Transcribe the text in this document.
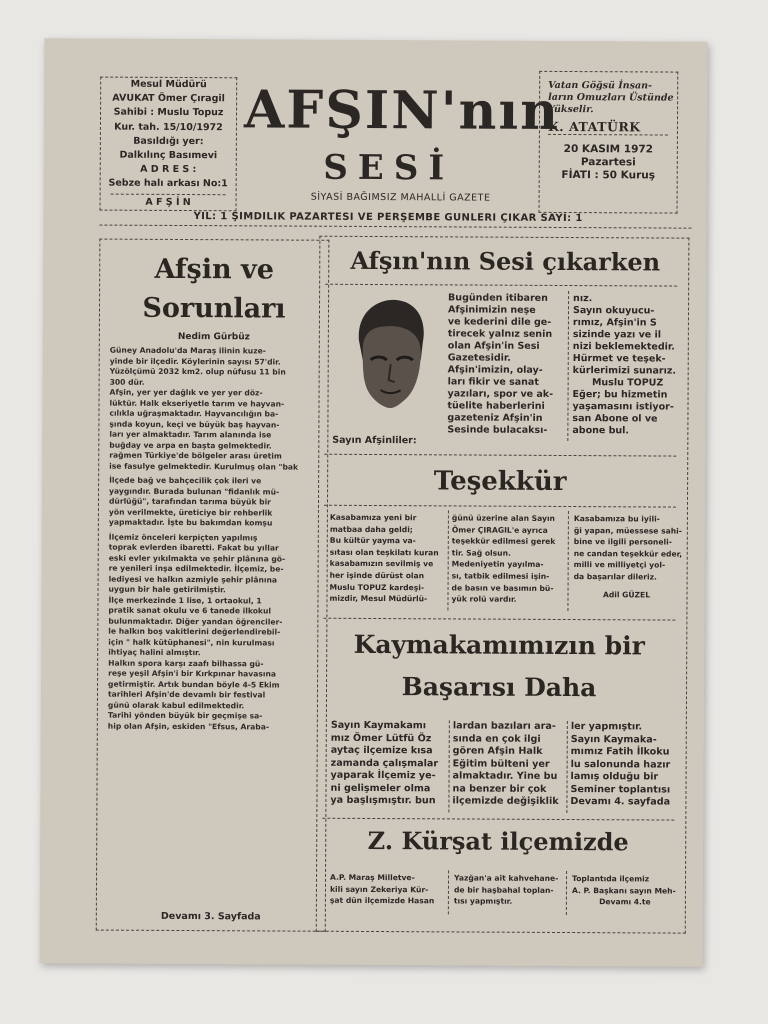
Mesul Müdürü
AVUKAT Ömer Çıragil
Sahibi : Muslu Topuz
Kur. tah. 15/10/1972
Basıldığı yer:
Dalkılınç Basımevi
A D R E S :
Sebze halı arkası No:1
A F Ş İ N
AFŞIN'nın
SESİ
SİYASİ BAĞIMSIZ MAHALLİ GAZETE
Vatan Göğsü İnsan-
ların Omuzları Üstünde
Yükselir.
K. ATATÜRK
20 KASIM 1972
Pazartesi
FİATI : 50 Kuruş
YIL: 1 ŞİMDİLİK PAZARTESİ VE PERŞEMBE GÜNLERİ ÇIKAR SAYI: 1
Afşin ve
Sorunları
Nedim Gürbüz
Güney Anadolu'da Maraş ilinin kuze-
yinde bir ilçedir. Köylerinin sayısı 57'dir.
Yüzölçümü 2032 km2. olup nüfusu 11 bin
300 dür.
Afşin, yer yer dağlık ve yer yer döz-
lüktür. Halk ekseriyetle tarım ve hayvan-
cılıkla uğraşmaktadır. Hayvancılığın ba-
şında koyun, keçi ve büyük baş hayvan-
ları yer almaktadır. Tarım alanında ise
buğday ve arpa en başta gelmektedir.
rağmen Türkiye'de bölgeler arası üretim
ise fasulye gelmektedir. Kurulmuş olan "bak
İlçede bağ ve bahçecilik çok ileri ve
yaygındır. Burada bulunan "fidanlık mü-
dürlüğü", tarafından tarıma büyük bir
yön verilmekte, üreticiye bir rehberlik
yapmaktadır. İşte bu bakımdan komşu
İlçemiz önceleri kerpiçten yapılmış
toprak evlerden ibaretti. Fakat bu yıllar
eski evler yıkılmakta ve şehir plânına gö-
re yenileri inşa edilmektedir. İlçemiz, be-
lediyesi ve halkın azmiyle şehir plânına
uygun bir hale getirilmiştir.
İlçe merkezinde 1 lise, 1 ortaokul, 1
pratik sanat okulu ve 6 tanede ilkokul
bulunmaktadır. Diğer yandan öğrenciler-
le halkın boş vakitlerini değerlendirebil-
için " halk kütüphanesi", nin kurulması
ihtiyaç halini almıştır.
Halkın spora karşı zaafı bilhassa gü-
reşe yeşil Afşin'i bir Kırkpınar havasına
getirmiştir. Artık bundan böyle 4-5 Ekim
tarihleri Afşin'de devamlı bir festival
günü olarak kabul edilmektedir.
Tarihi yönden büyük bir geçmişe sa-
hip olan Afşin, eskiden "Efsus, Araba-
Devamı 3. Sayfada
Afşın'nın Sesi çıkarken
Sayın Afşinliler:
Bugünden itibaren
Afşinimizin neşe
ve kederini dile ge-
tirecek yalnız senin
olan Afşin'in Sesi
Gazetesidir.
Afşin'imizin, olay-
ları fikir ve sanat
yazıları, spor ve ak-
tüelite haberlerini
gazeteniz Afşin'in
Sesinde bulacaksı-
nız.
Sayın okuyucu-
rımız, Afşin'in S
sizinde yazı ve il
nizi beklemektedir.
Hürmet ve teşek-
kürlerimizi sunarız.
Muslu TOPUZ
Eğer; bu hizmetin
yaşamasını istiyor-
san Abone ol ve
abone bul.
Teşekkür
Kasabamıza yeni bir
matbaa daha geldi;
Bu kültür yayma va-
sıtası olan teşkilatı kuran
kasabamızın sevilmiş ve
her işinde dürüst olan
Muslu TOPUZ kardeşi-
mizdir, Mesul Müdürlü-
ğünü üzerine alan Sayın
Ömer ÇIRAGIL'e ayrıca
teşekkür edilmesi gerek
tir. Sağ olsun.
Medeniyetin yayılma-
sı, tatbik edilmesi işin-
de basın ve basımın bü-
yük rolü vardır.
Kasabamıza bu iyili-
ği yapan, müessese sahi-
bine ve ilgili personeli-
ne candan teşekkür eder,
milli ve milliyetçi yol-
da başarılar dileriz.
Adil GÜZEL
Kaymakamımızın bir
Başarısı Daha
Sayın Kaymakamı
mız Ömer Lütfü Öz
aytaç ilçemize kısa
zamanda çalışmalar
yaparak İlçemiz ye-
ni gelişmeler olma
ya başlışmıştır. bun
lardan bazıları ara-
sında en çok ilgi
gören Afşin Halk
Eğitim bülteni yer
almaktadır. Yine bu
na benzer bir çok
ilçemizde değişiklik
ler yapmıştır.
Sayın Kaymaka-
mımız Fatih İlkoku
lu salonunda hazır
lamış olduğu bir
Seminer toplantısı
Devamı 4. sayfada
Z. Kürşat ilçemizde
A.P. Maraş Milletve-
kili sayın Zekeriya Kür-
şat dün ilçemizde Hasan
Yazğan'a ait kahvehane-
de bir haşbahal toplan-
tısı yapmıştır.
Toplantıda ilçemiz
A. P. Başkanı sayın Meh-
Devamı 4.te
